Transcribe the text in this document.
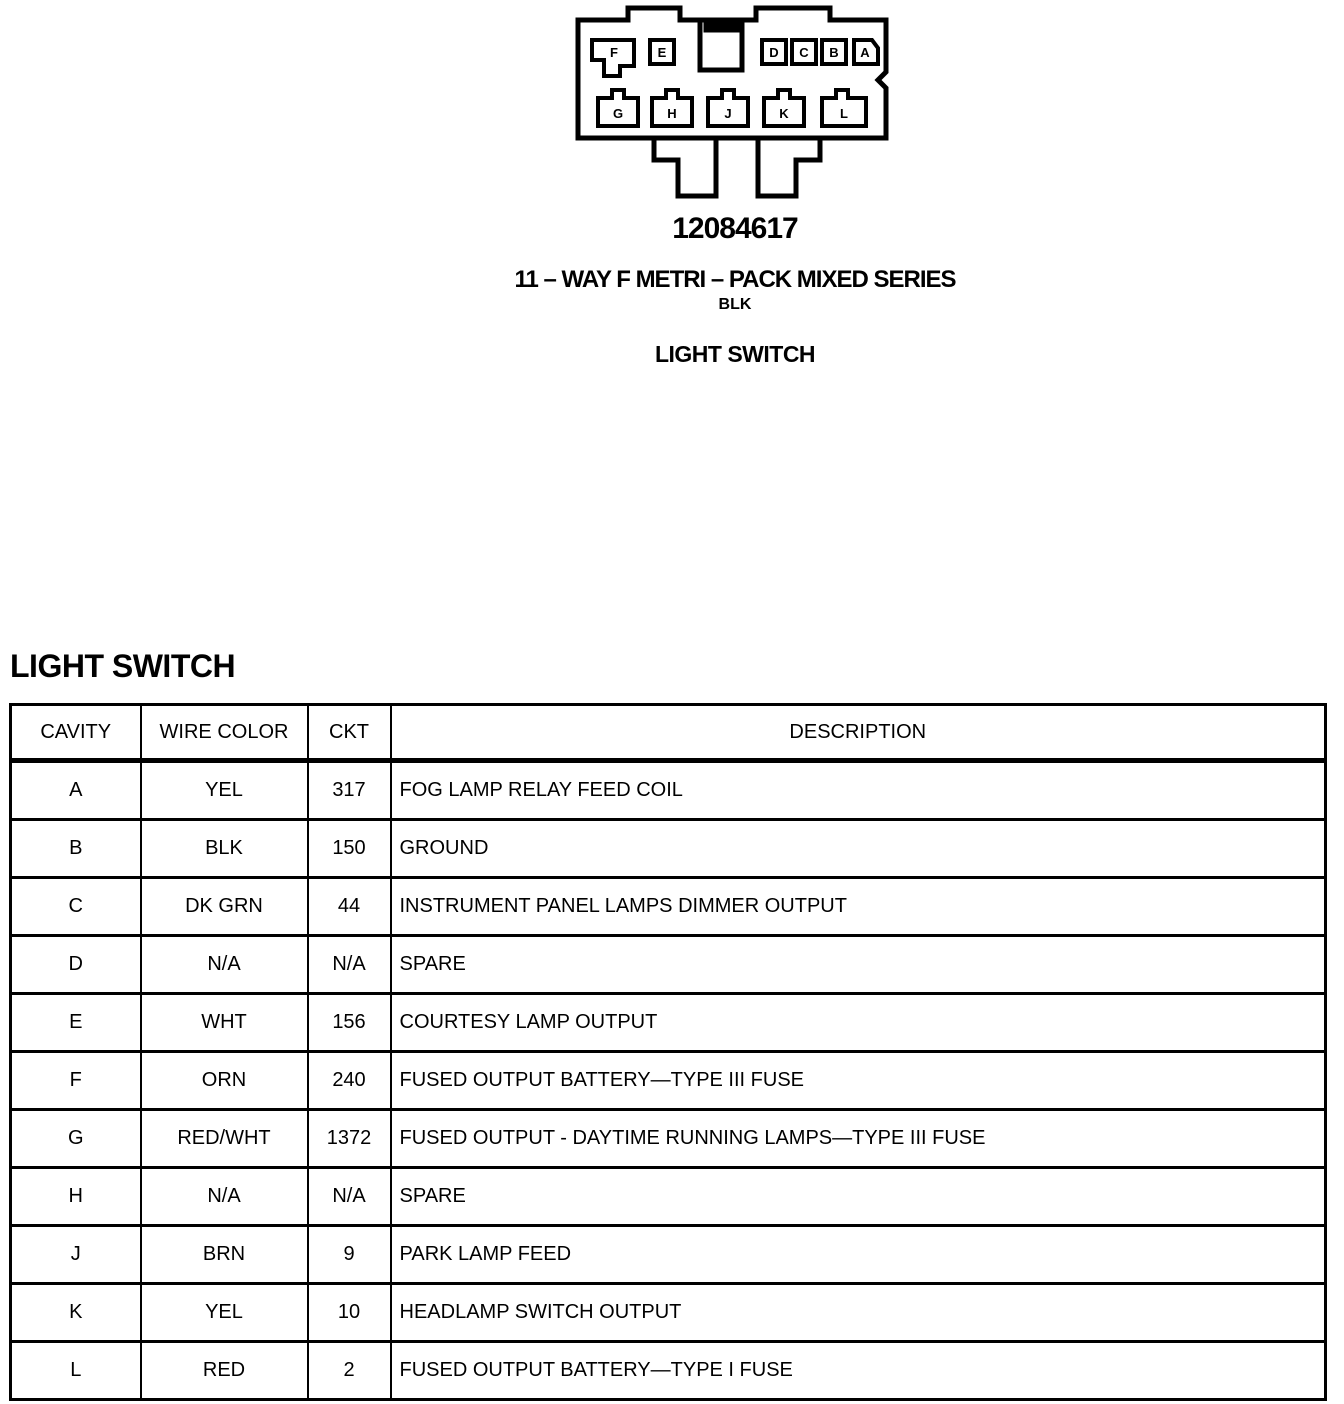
F	E	D C B A
G	H	J	K	L
12084617
11 – WAY F METRI – PACK MIXED SERIES
BLK
LIGHT SWITCH
LIGHT SWITCH
CAVITY	WIRE COLOR	CKT	DESCRIPTION
A	YEL	317	FOG LAMP RELAY FEED COIL
B	BLK	150	GROUND
C	DK GRN	44	INSTRUMENT PANEL LAMPS DIMMER OUTPUT
D	N/A	N/A	SPARE
E	WHT	156	COURTESY LAMP OUTPUT
F	ORN	240	FUSED OUTPUT BATTERY—TYPE III FUSE
G	RED/WHT	1372	FUSED OUTPUT - DAYTIME RUNNING LAMPS—TYPE III FUSE
H	N/A	N/A	SPARE
J	BRN	9	PARK LAMP FEED
K	YEL	10	HEADLAMP SWITCH OUTPUT
L	RED	2	FUSED OUTPUT BATTERY—TYPE I FUSE
